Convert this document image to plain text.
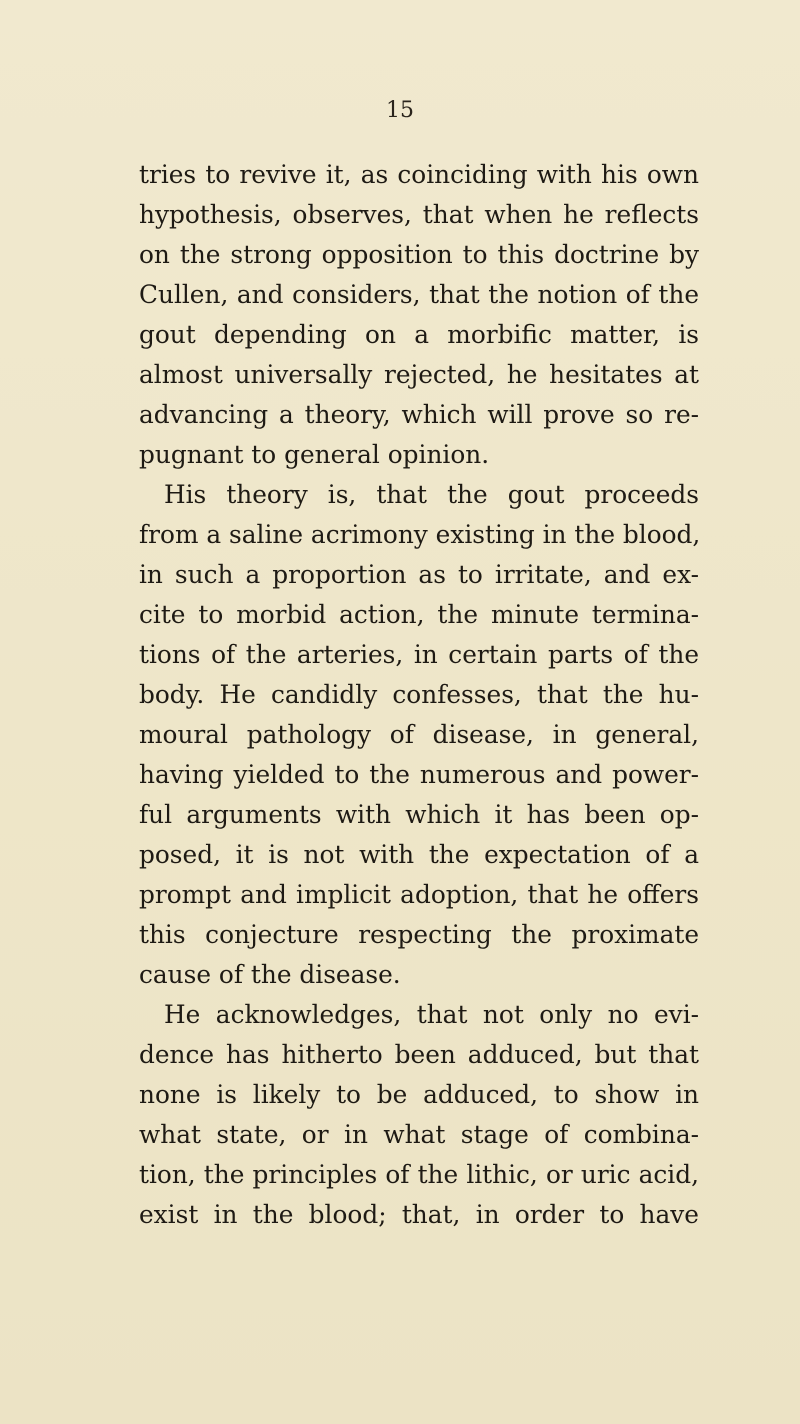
15
tries to revive it, as coinciding with his own
hypothesis, observes, that when he reflects
on the strong opposition to this doctrine by
Cullen, and considers, that the notion of the
gout depending on a morbific matter, is
almost universally rejected, he hesitates at
advancing a theory, which will prove so re-
pugnant to general opinion.
His theory is, that the gout proceeds
from a saline acrimony existing in the blood,
in such a proportion as to irritate, and ex-
cite to morbid action, the minute termina-
tions of the arteries, in certain parts of the
body. He candidly confesses, that the hu-
moural pathology of disease, in general,
having yielded to the numerous and power-
ful arguments with which it has been op-
posed, it is not with the expectation of a
prompt and implicit adoption, that he offers
this conjecture respecting the proximate
cause of the disease.
He acknowledges, that not only no evi-
dence has hitherto been adduced, but that
none is likely to be adduced, to show in
what state, or in what stage of combina-
tion, the principles of the lithic, or uric acid,
exist in the blood; that, in order to have
